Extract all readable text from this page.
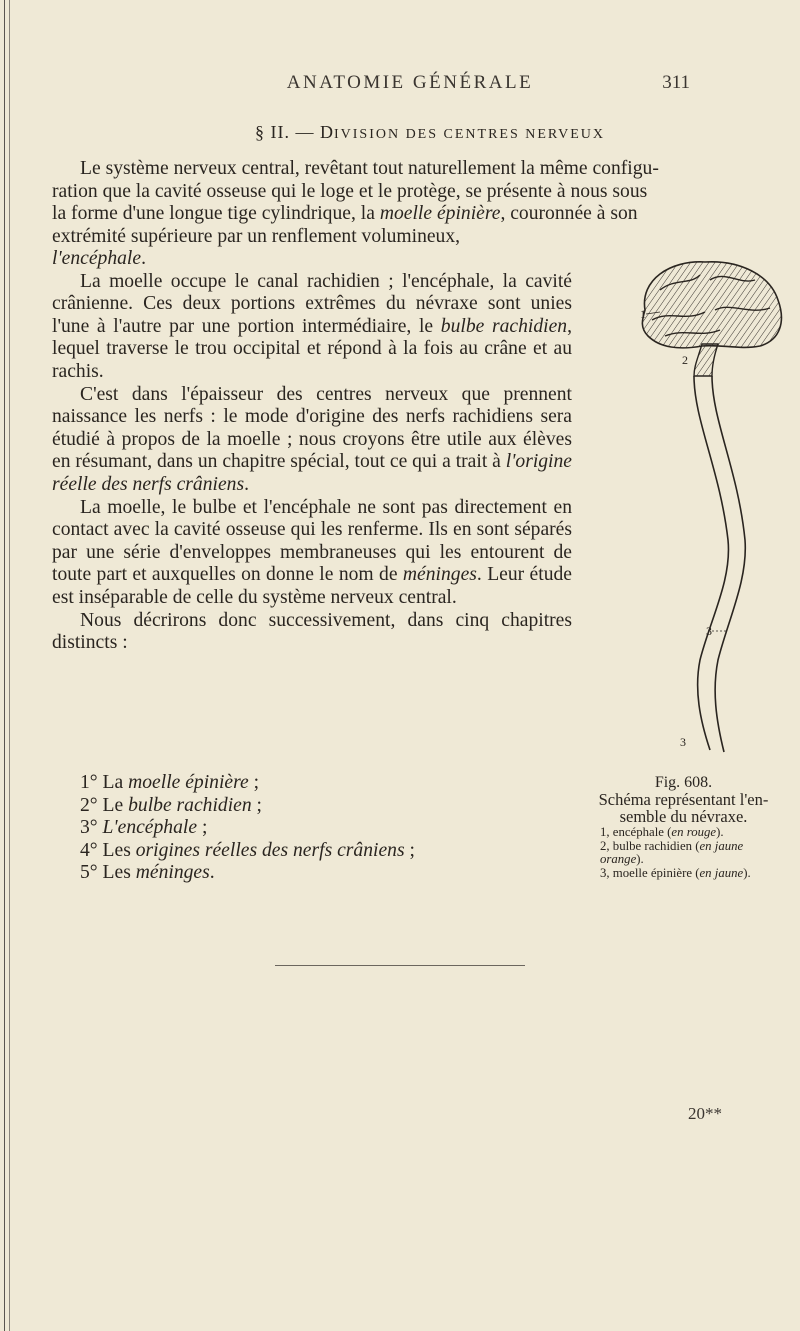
ANATOMIE GÉNÉRALE	311
§ II. — DIVISION DES CENTRES NERVEUX
Le système nerveux central, revêtant tout naturellement la même configu-
ration que la cavité osseuse qui le loge et le protège, se présente à nous sous
la forme d'une longue tige cylindrique, la moelle épinière, couronnée à son
extrémité supérieure par un renflement volumineux,

l'encéphale.

La moelle occupe le canal rachidien ; l'encéphale, la cavité crânienne. Ces deux portions extrêmes du névraxe sont unies l'une à l'autre par une portion intermédiaire, le bulbe rachidien, lequel traverse le trou occipital et répond à la fois au crâne et au rachis.

C'est dans l'épaisseur des centres nerveux que prennent naissance les nerfs : le mode d'origine des nerfs rachidiens sera étudié à propos de la moelle ; nous croyons être utile aux élèves en résumant, dans un chapitre spécial, tout ce qui a trait à l'origine réelle des nerfs crâniens.

La moelle, le bulbe et l'encéphale ne sont pas directement en contact avec la cavité osseuse qui les renferme. Ils en sont séparés par une série d'enveloppes membraneuses qui les entourent de toute part et auxquelles on donne le nom de méninges. Leur étude est inséparable de celle du système nerveux central.

Nous décrirons donc successivement, dans cinq chapitres distincts :

1° La moelle épinière ;
2° Le bulbe rachidien ;
3° L'encéphale ;
4° Les origines réelles des nerfs crâniens ;
5° Les méninges.
1
2
3
3
Fig. 608.
Schéma représentant l'en-
semble du névraxe.
1, encéphale (en rouge).
2, bulbe rachidien (en jaune
orange).
3, moelle épinière (en jaune).
20**
